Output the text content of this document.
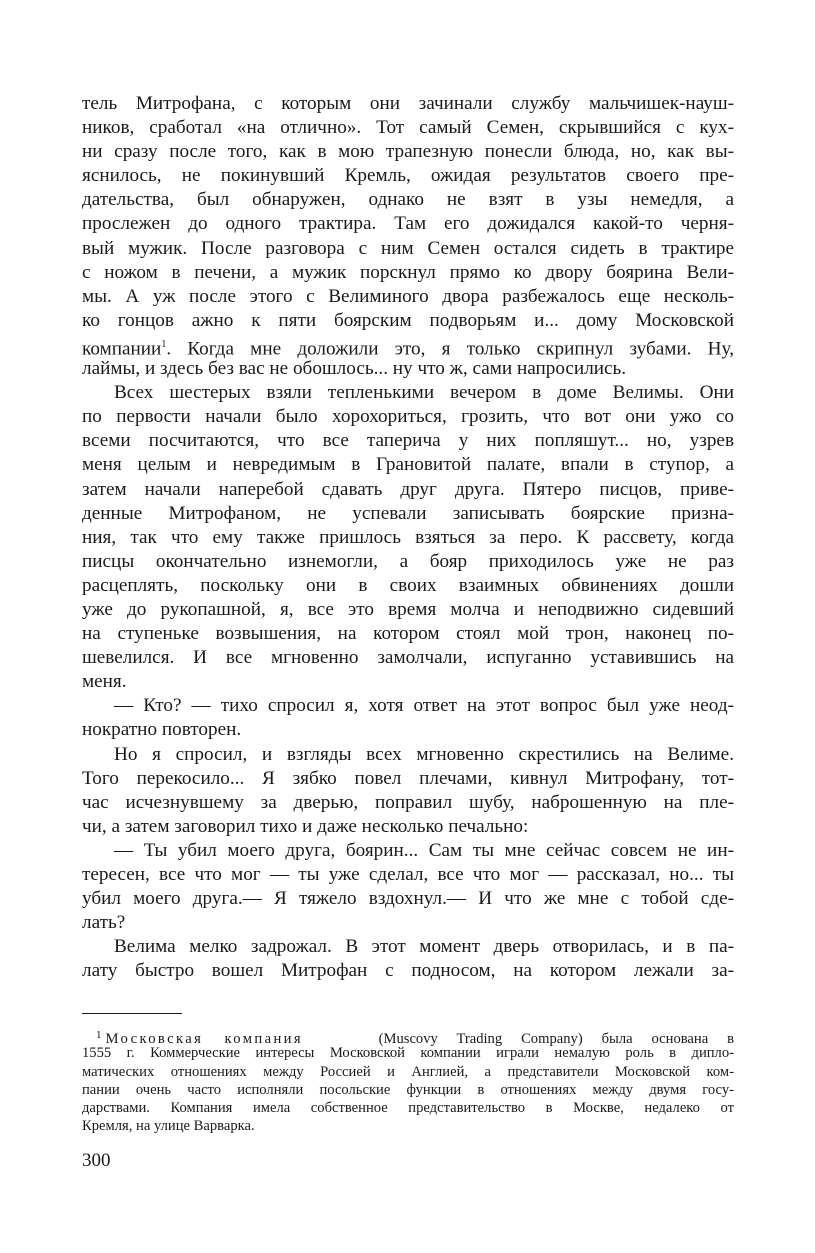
тель Митрофана, с которым они зачинали службу мальчишек-науш-
ников, сработал «на отлично». Тот самый Семен, скрывшийся с кух-
ни сразу после того, как в мою трапезную понесли блюда, но, как вы-
яснилось, не покинувший Кремль, ожидая результатов своего пре-
дательства, был обнаружен, однако не взят в узы немедля, а
прослежен до одного трактира. Там его дожидался какой-то черня-
вый мужик. После разговора с ним Семен остался сидеть в трактире
с ножом в печени, а мужик порскнул прямо ко двору боярина Вели-
мы. А уж после этого с Велиминого двора разбежалось еще несколь-
ко гонцов ажно к пяти боярским подворьям и... дому Московской
компании$^1$. Когда мне доложили это, я только скрипнул зубами. Ну,
лаймы, и здесь без вас не обошлось... ну что ж, сами напросились.
Всех шестерых взяли тепленькими вечером в доме Велимы. Они
по первости начали было хорохориться, грозить, что вот они ужо со
всеми посчитаются, что все таперича у них попляшут... но, узрев
меня целым и невредимым в Грановитой палате, впали в ступор, а
затем начали наперебой сдавать друг друга. Пятеро писцов, приве-
денные Митрофаном, не успевали записывать боярские призна-
ния, так что ему также пришлось взяться за перо. К рассвету, когда
писцы окончательно изнемогли, а бояр приходилось уже не раз
расцеплять, поскольку они в своих взаимных обвинениях дошли
уже до рукопашной, я, все это время молча и неподвижно сидевший
на ступеньке возвышения, на котором стоял мой трон, наконец по-
шевелился. И все мгновенно замолчали, испуганно уставившись на
меня.
— Кто? — тихо спросил я, хотя ответ на этот вопрос был уже неод-
нократно повторен.
Но я спросил, и взгляды всех мгновенно скрестились на Велиме.
Того перекосило... Я зябко повел плечами, кивнул Митрофану, тот-
час исчезнувшему за дверью, поправил шубу, наброшенную на пле-
чи, а затем заговорил тихо и даже несколько печально:
— Ты убил моего друга, боярин... Сам ты мне сейчас совсем не ин-
тересен, все что мог — ты уже сделал, все что мог — рассказал, но... ты
убил моего друга.— Я тяжело вздохнул.— И что же мне с тобой сде-
лать?
Велима мелко задрожал. В этот момент дверь отворилась, и в па-
лату быстро вошел Митрофан с подносом, на котором лежали за-
$^1$ Московская компания	(Muscovy Trading Company) была основана в
1555 г. Коммерческие интересы Московской компании играли немалую роль в дипло-
матических отношениях между Россией и Англией, а представители Московской ком-
пании очень часто исполняли посольские функции в отношениях между двумя госу-
дарствами. Компания имела собственное представительство в Москве, недалеко от
Кремля, на улице Варварка.
300
